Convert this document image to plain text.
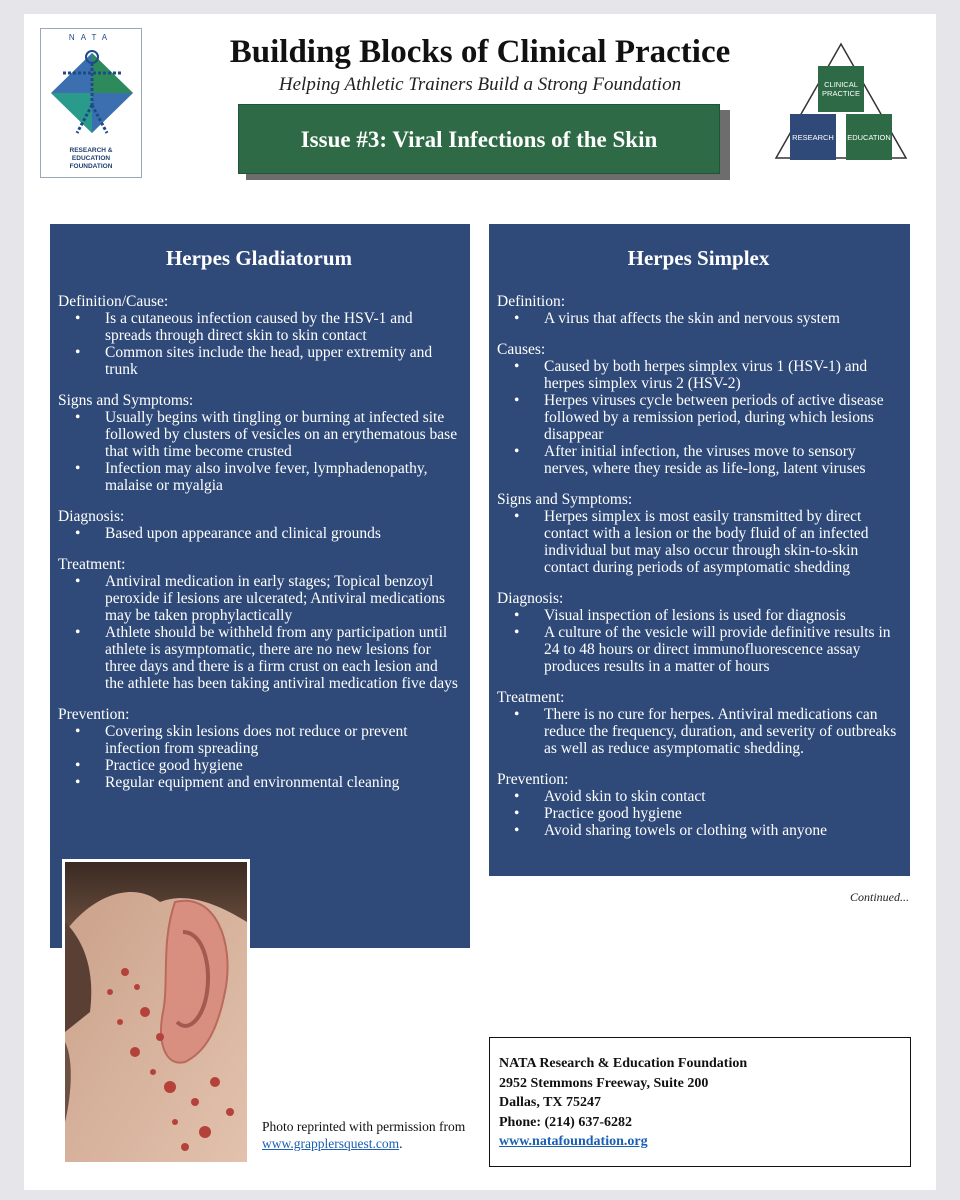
NATA
RESEARCH &
EDUCATION
FOUNDATION
Building Blocks of Clinical Practice
Helping Athletic Trainers Build a Strong Foundation
Issue #3: Viral Infections of the Skin
CLINICAL PRACTICE
RESEARCH EDUCATION
Herpes Gladiatorum
Definition/Cause:
• Is a cutaneous infection caused by the HSV-1 and spreads through direct skin to skin contact
• Common sites include the head, upper extremity and trunk
Signs and Symptoms:
• Usually begins with tingling or burning at infected site followed by clusters of vesicles on an erythematous base that with time become crusted
• Infection may also involve fever, lymphadenopathy, malaise or myalgia
Diagnosis:
• Based upon appearance and clinical grounds
Treatment:
• Antiviral medication in early stages; Topical benzoyl peroxide if lesions are ulcerated; Antiviral medications may be taken prophylactically
• Athlete should be withheld from any participation until athlete is asymptomatic, there are no new lesions for three days and there is a firm crust on each lesion and the athlete has been taking antiviral medication five days
Prevention:
• Covering skin lesions does not reduce or prevent infection from spreading
• Practice good hygiene
• Regular equipment and environmental cleaning
Herpes Simplex
Definition:
• A virus that affects the skin and nervous system
Causes:
• Caused by both herpes simplex virus 1 (HSV-1) and herpes simplex virus 2 (HSV-2)
• Herpes viruses cycle between periods of active disease followed by a remission period, during which lesions disappear
• After initial infection, the viruses move to sensory nerves, where they reside as life-long, latent viruses
Signs and Symptoms:
• Herpes simplex is most easily transmitted by direct contact with a lesion or the body fluid of an infected individual but may also occur through skin-to-skin contact during periods of asymptomatic shedding
Diagnosis:
• Visual inspection of lesions is used for diagnosis
• A culture of the vesicle will provide definitive results in 24 to 48 hours or direct immunofluorescence assay produces results in a matter of hours
Treatment:
• There is no cure for herpes. Antiviral medications can reduce the frequency, duration, and severity of outbreaks as well as reduce asymptomatic shedding.
Prevention:
• Avoid skin to skin contact
• Practice good hygiene
• Avoid sharing towels or clothing with anyone
Photo reprinted with permission from www.grapplersquest.com.
Continued...
NATA Research & Education Foundation
2952 Stemmons Freeway, Suite 200
Dallas, TX 75247
Phone: (214) 637-6282
www.natafoundation.org
